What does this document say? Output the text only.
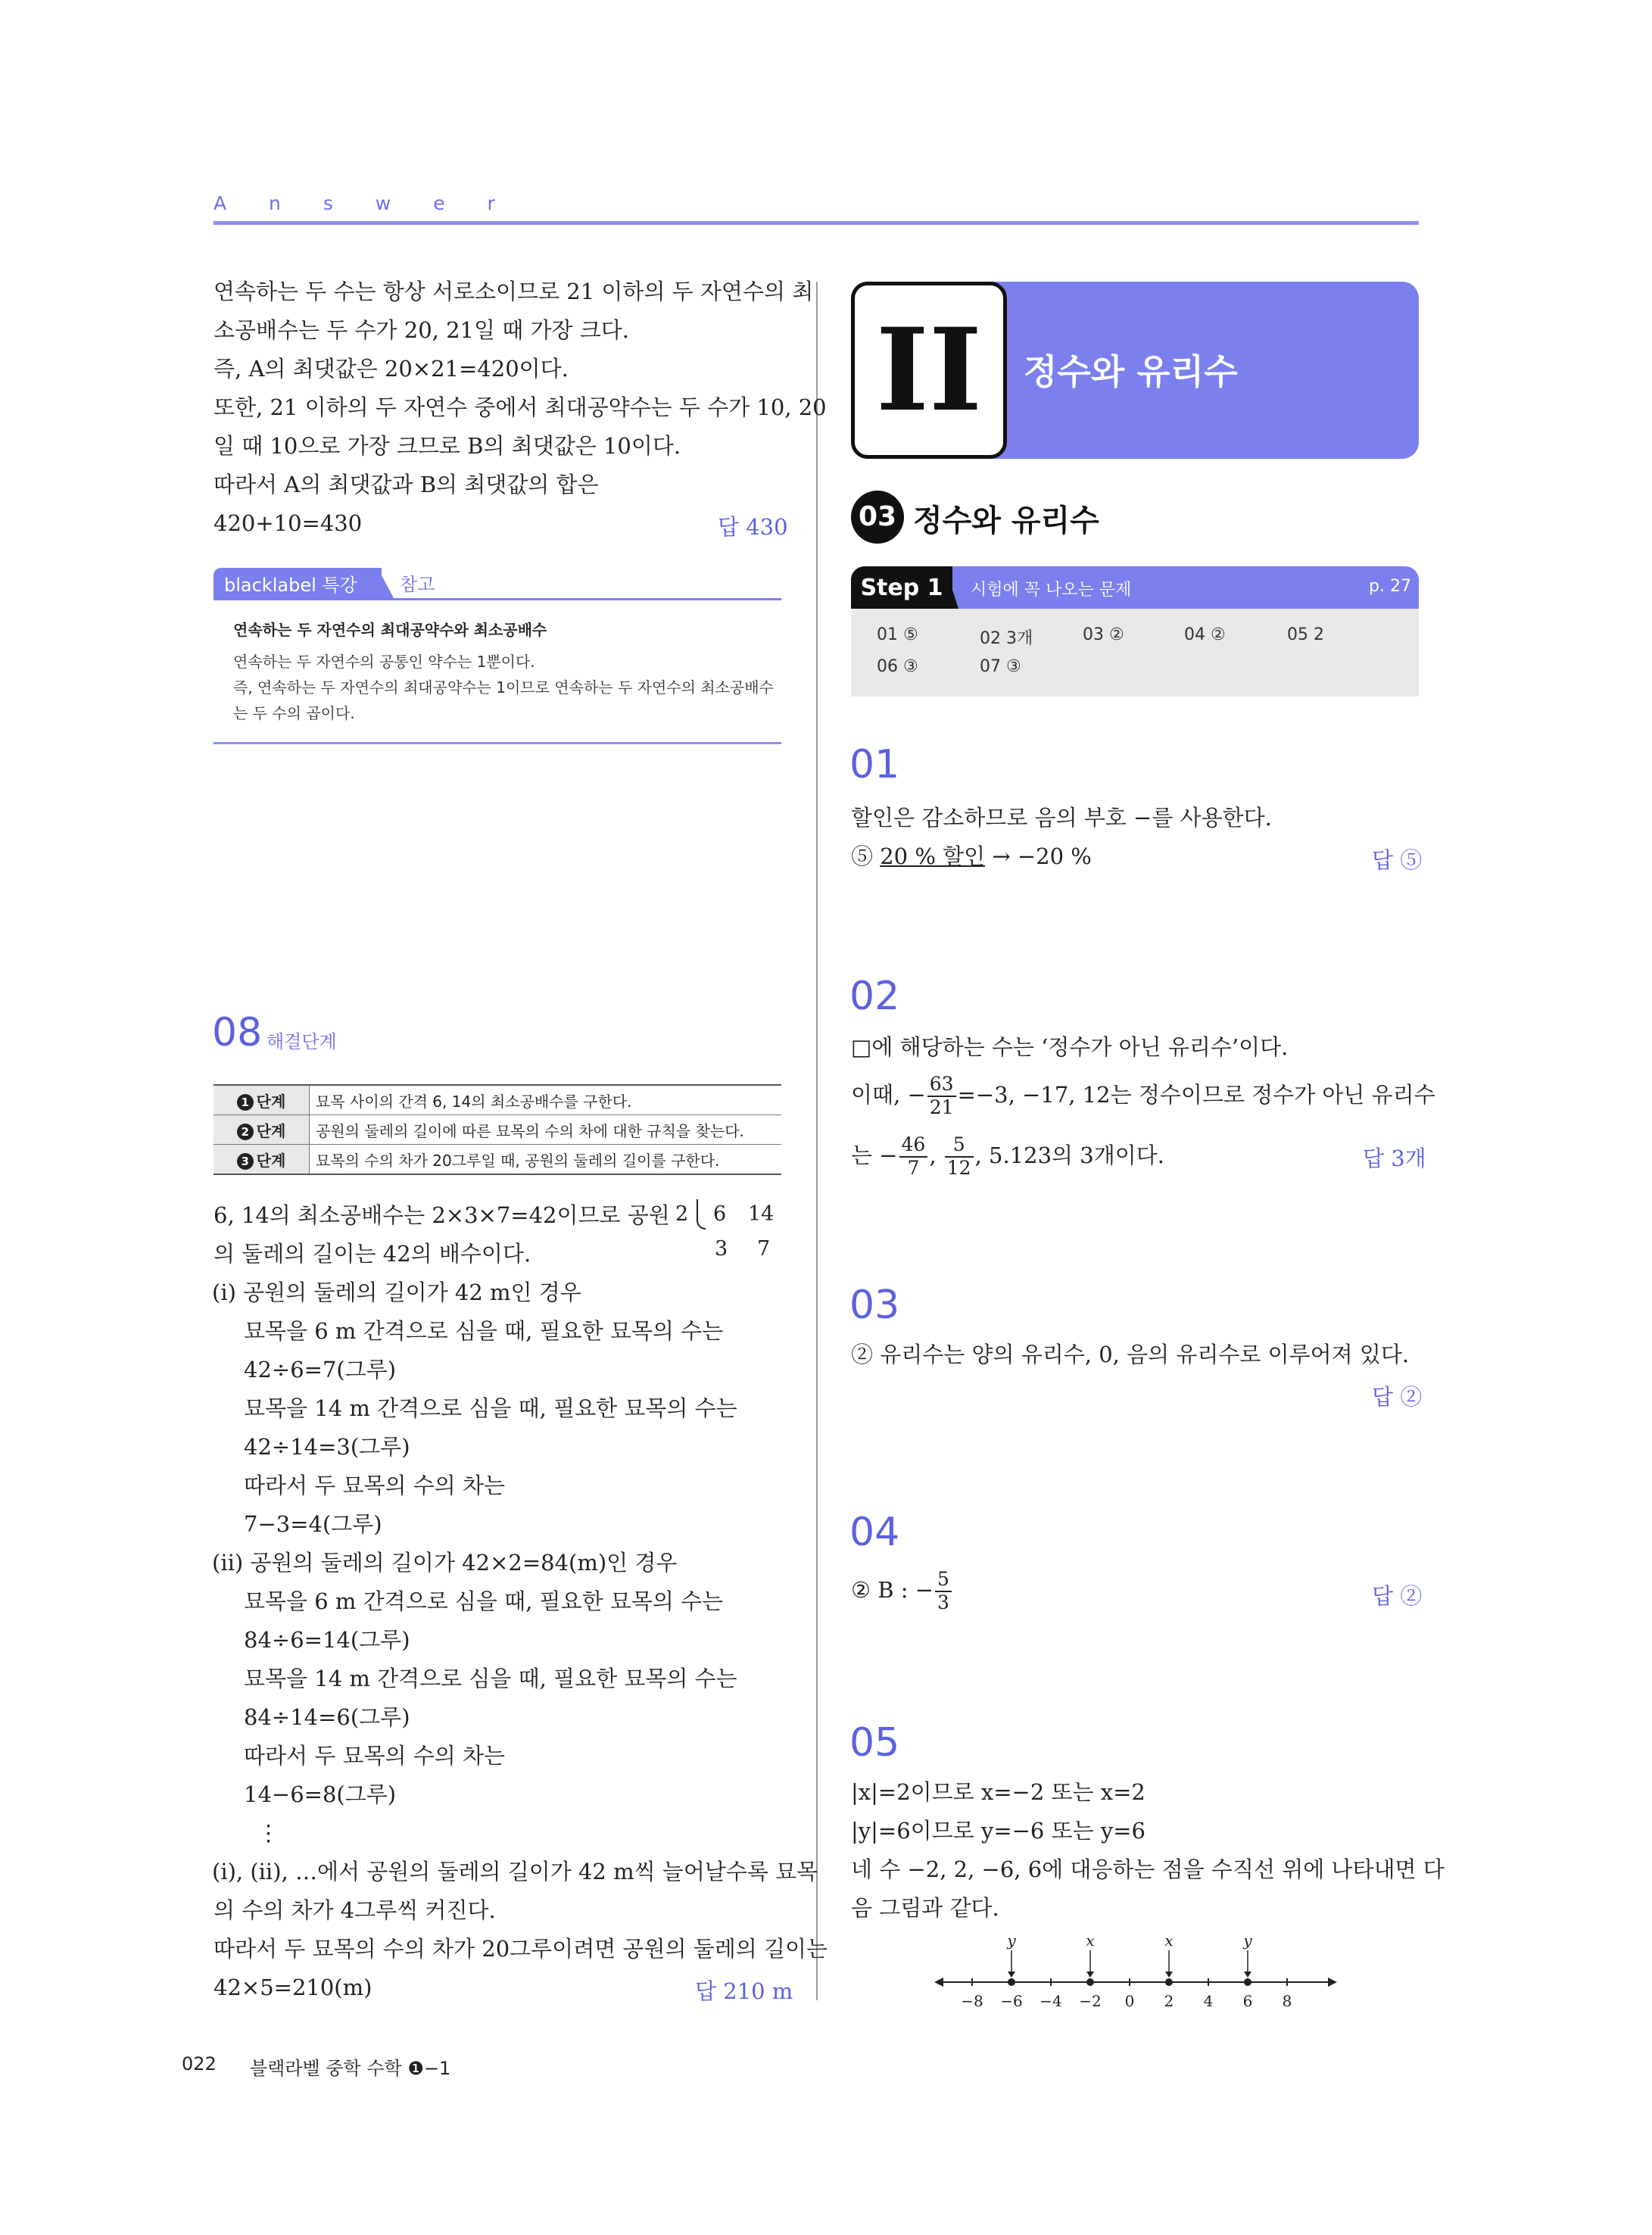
A n s w e r
연속하는 두 수는 항상 서로소이므로 21 이하의 두 자연수의 최
소공배수는 두 수가 20, 21일 때 가장 크다.
즉, A의 최댓값은 20×21=420이다.
또한, 21 이하의 두 자연수 중에서 최대공약수는 두 수가 10, 20
일 때 10으로 가장 크므로 B의 최댓값은 10이다.
따라서 A의 최댓값과 B의 최댓값의 합은
420+10=430	답 430
blacklabel 특강	참고
연속하는 두 자연수의 최대공약수와 최소공배수
연속하는 두 자연수의 공통인 약수는 1뿐이다.
즉, 연속하는 두 자연수의 최대공약수는 1이므로 연속하는 두 자연수의 최소공배수
는 두 수의 곱이다.
08 해결단계
1 단계	묘목 사이의 간격 6, 14의 최소공배수를 구한다.
2 단계	공원의 둘레의 길이에 따른 묘목의 수의 차에 대한 규칙을 찾는다.
3 단계	묘목의 수의 차가 20그루일 때, 공원의 둘레의 길이를 구한다.
2 6 14
3 7
6, 14의 최소공배수는 2×3×7=42이므로 공원
의 둘레의 길이는 42의 배수이다.
(ⅰ) 공원의 둘레의 길이가 42 m인 경우
묘목을 6 m 간격으로 심을 때, 필요한 묘목의 수는
42÷6=7(그루)
묘목을 14 m 간격으로 심을 때, 필요한 묘목의 수는
42÷14=3(그루)
따라서 두 묘목의 수의 차는
7−3=4(그루)
(ⅱ) 공원의 둘레의 길이가 42×2=84(m)인 경우
묘목을 6 m 간격으로 심을 때, 필요한 묘목의 수는
84÷6=14(그루)
묘목을 14 m 간격으로 심을 때, 필요한 묘목의 수는
84÷14=6(그루)
따라서 두 묘목의 수의 차는
14−6=8(그루)
⋮
(ⅰ), (ⅱ), …에서 공원의 둘레의 길이가 42 m씩 늘어날수록 묘목
의 수의 차가 4그루씩 커진다.
따라서 두 묘목의 수의 차가 20그루이려면 공원의 둘레의 길이는
42×5=210(m)	답 210 m
II	정수와 유리수
03 정수와 유리수
Step 1	시험에 꼭 나오는 문제	p. 27
01 ⑤	02 3개	03 ②	04 ②	05 2
06 ③	07 ③
01
할인은 감소하므로 음의 부호 −를 사용한다.
⑤ 20 % 할인 → −20 %	답 ⑤
02
□에 해당하는 수는 ‘정수가 아닌 유리수’이다.
이때, − $\frac{63}{21} =-3$, −17, 12는 정수이므로 정수가 아닌 유리수
는 − $\frac{46}{7}$ , $\frac{5}{12}$ , 5.123의 3개이다.	답 3개
03
② 유리수는 양의 유리수, 0, 음의 유리수로 이루어져 있다.
답 ②
04
② B : − $\frac{5}{3}$	답 ②
05
|x|=2이므로 x=−2 또는 x=2
|y|=6이므로 y=−6 또는 y=6
네 수 −2, 2, −6, 6에 대응하는 점을 수직선 위에 나타내면 다
음 그림과 같다.
−8 −6 −4 −2 0 2 4 6 8
y	x	x	y
022 블랙라벨 중학 수학 ❶−1
